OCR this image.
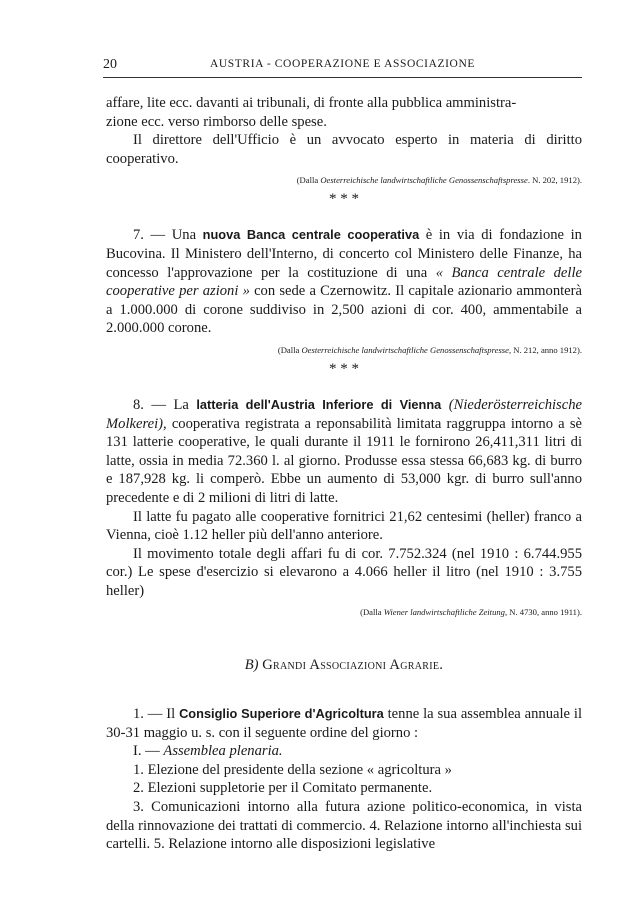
20	AUSTRIA - COOPERAZIONE E ASSOCIAZIONE

affare, lite ecc. davanti ai tribunali, di fronte alla pubblica amministra-
zione ecc. verso rimborso delle spese.

Il direttore dell'Ufficio è un avvocato esperto in materia di diritto cooperativo.

(Dalla Oesterreichische landwirtschaftliche Genossenschaftspresse. N. 202, 1912).

* * *

7. — Una nuova Banca centrale cooperativa è in via di fondazione in Bucovina. Il Ministero dell'Interno, di concerto col Ministero delle Finanze, ha concesso l'approvazione per la costituzione di una « Banca centrale delle cooperative per azioni » con sede a Czernowitz. Il capitale azionario ammonterà a 1.000.000 di corone suddiviso in 2,500 azioni di cor. 400, ammentabile a 2.000.000 corone.

(Dalla Oesterreichische landwirtschaftliche Genossenschaftspresse, N. 212, anno 1912).

* * *

8. — La latteria dell'Austria Inferiore di Vienna (Niederösterreichische Molkerei), cooperativa registrata a reponsabilità limitata raggruppa intorno a sè 131 latterie cooperative, le quali durante il 1911 le fornirono 26,411,311 litri di latte, ossia in media 72.360 l. al giorno. Produsse essa stessa 66,683 kg. di burro e 187,928 kg. li comperò. Ebbe un aumento di 53,000 kgr. di burro sull'anno precedente e di 2 milioni di litri di latte.

Il latte fu pagato alle cooperative fornitrici 21,62 centesimi (heller) franco a Vienna, cioè 1.12 heller più dell'anno anteriore.

Il movimento totale degli affari fu di cor. 7.752.324 (nel 1910 : 6.744.955 cor.) Le spese d'esercizio si elevarono a 4.066 heller il litro (nel 1910 : 3.755 heller)

(Dalla Wiener landwirtschaftliche Zeitung, N. 4730, anno 1911).

B) Grandi Associazioni Agrarie.

1. — Il Consiglio Superiore d'Agricoltura tenne la sua assemblea annuale il 30-31 maggio u. s. con il seguente ordine del giorno :

I. — Assemblea plenaria.

1. Elezione del presidente della sezione « agricoltura »

2. Elezioni suppletorie per il Comitato permanente.

3. Comunicazioni intorno alla futura azione politico-economica, in vista della rinnovazione dei trattati di commercio. 4. Relazione intorno all'inchiesta sui cartelli. 5. Relazione intorno alle disposizioni legislative
